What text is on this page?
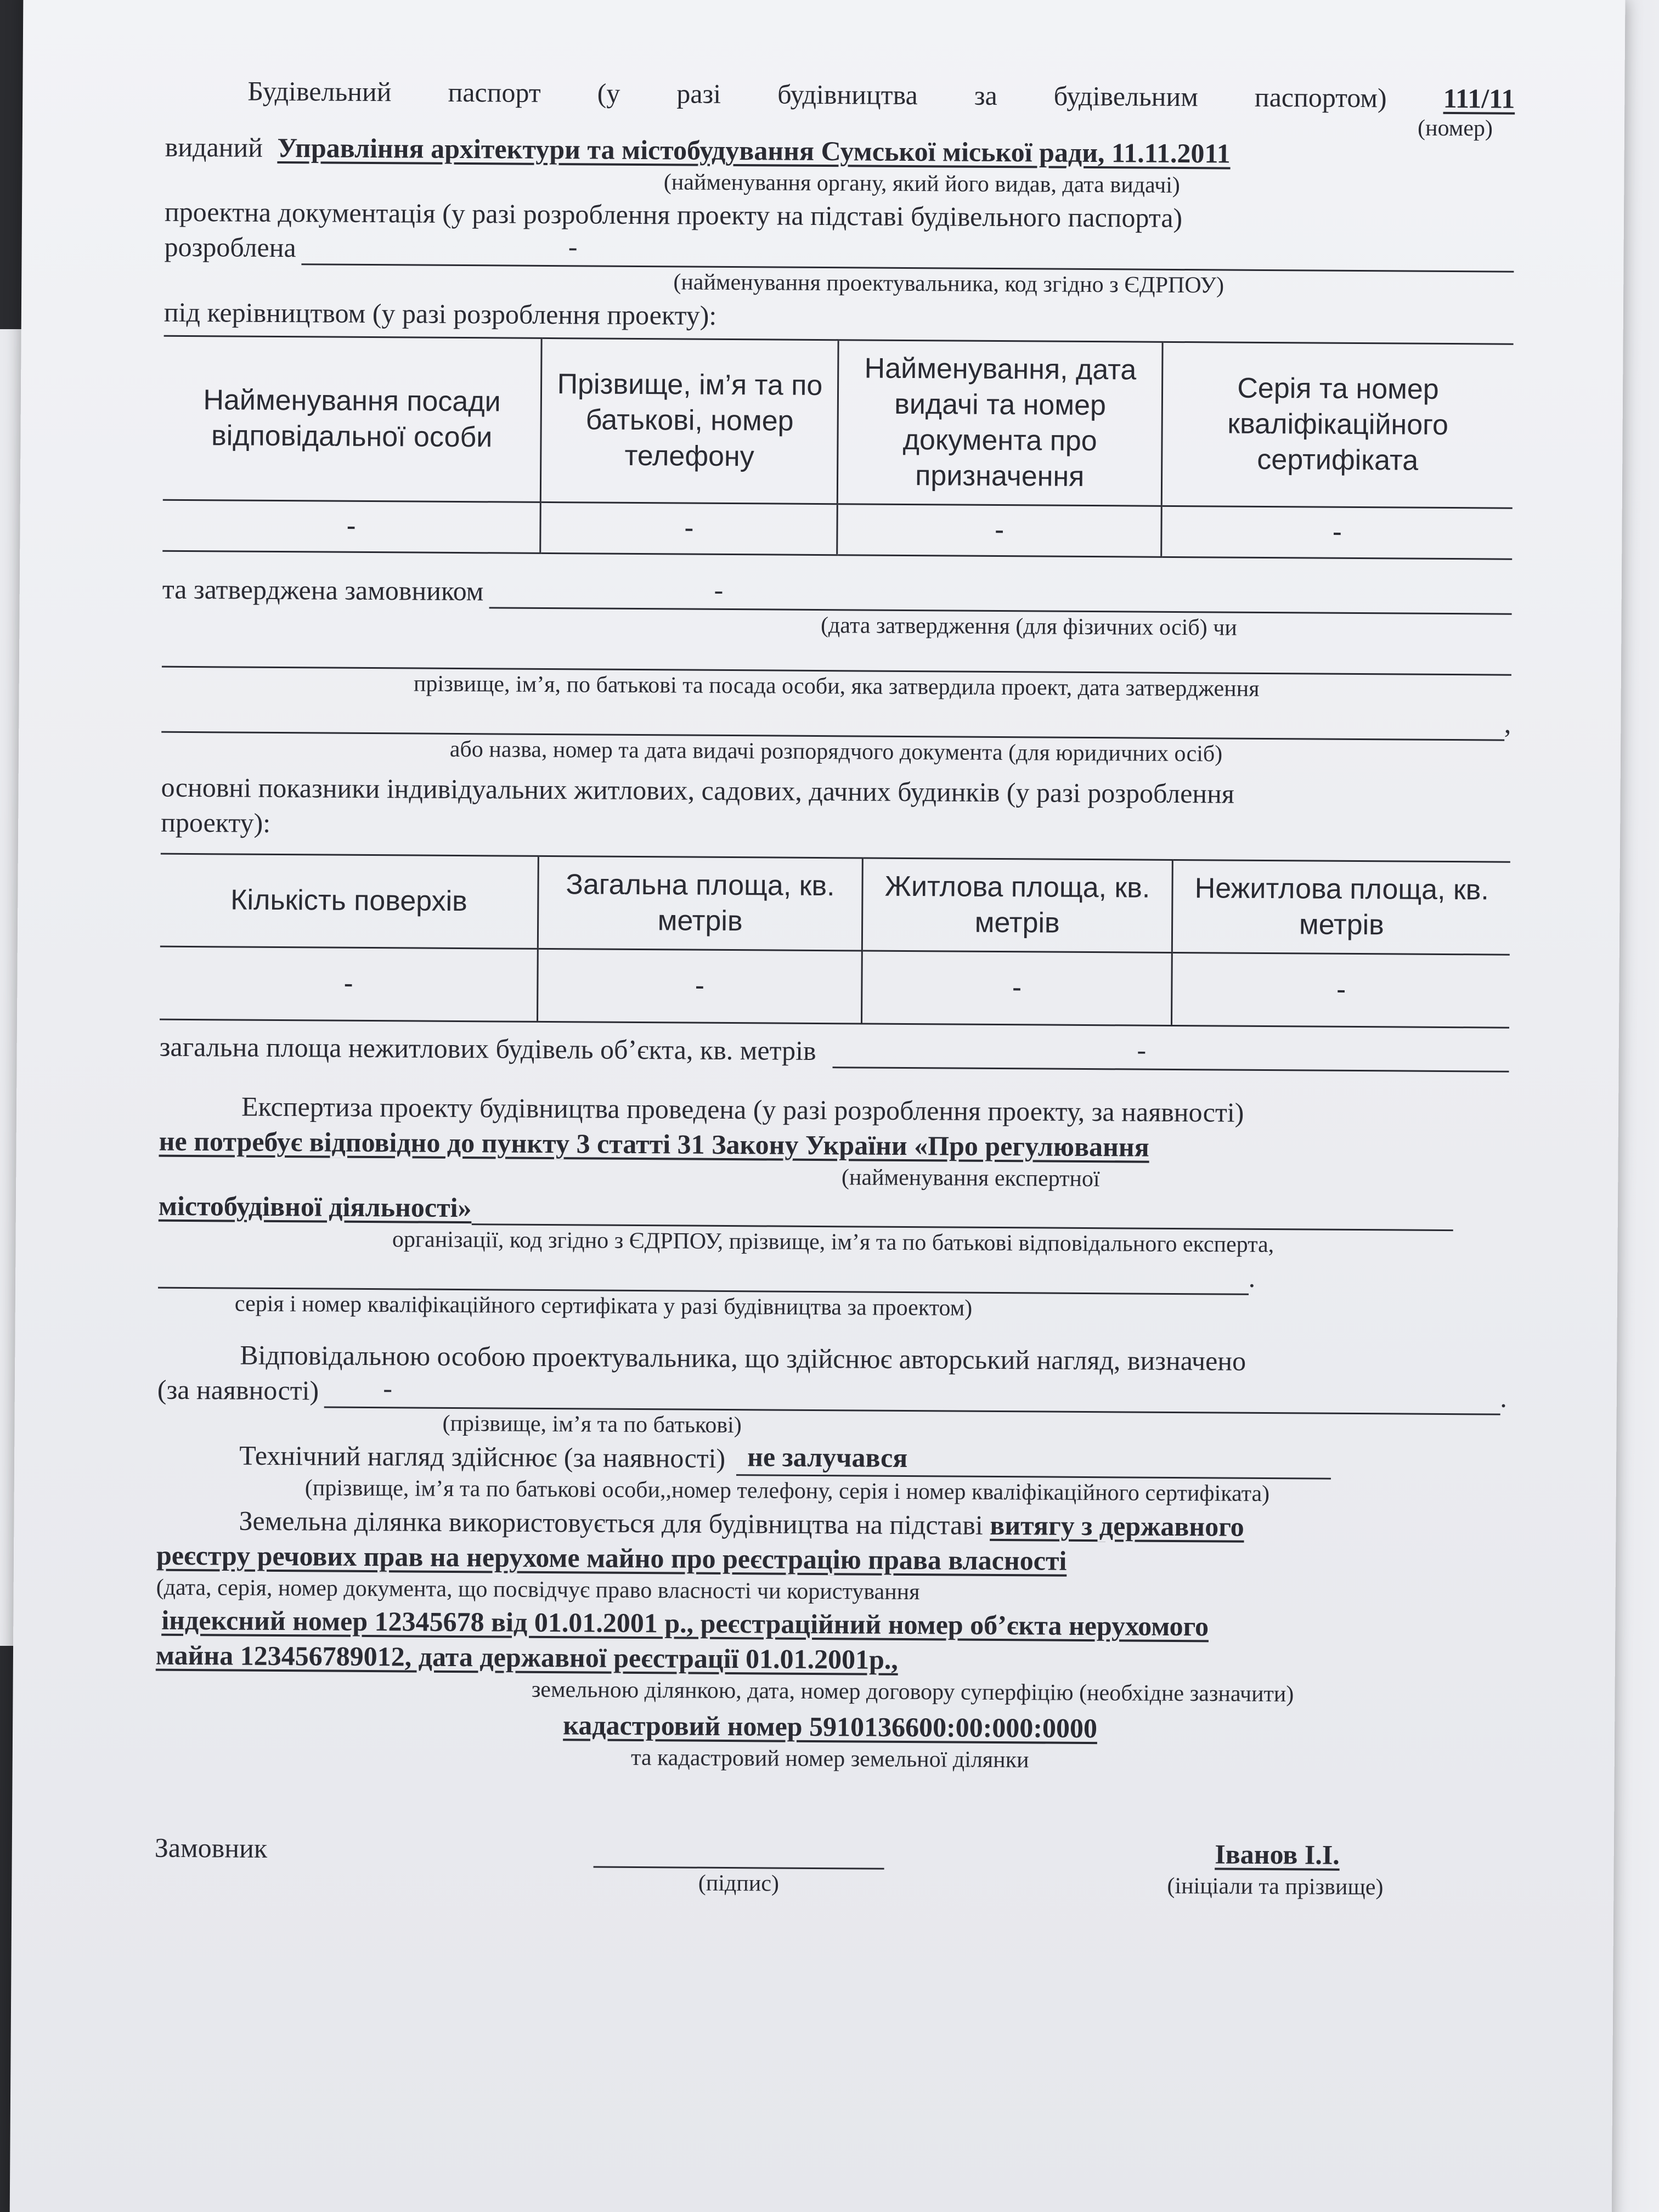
Будівельний паспорт (у разі будівництва за будівельним паспортом) 111/11
(номер)
виданий Управління архітектури та містобудування Сумської міської ради, 11.11.2011
(найменування органу, який його видав, дата видачі)
проектна документація (у разі розроблення проекту на підставі будівельного паспорта)
розроблена	-
(найменування проектувальника, код згідно з ЄДРПОУ)
під керівництвом (у разі розроблення проекту):
Найменування посади відповідальної особи	Прізвище, ім’я та по батькові, номер телефону	Найменування, дата видачі та номер документа про призначення	Серія та номер кваліфікаційного сертифіката
-	-	-	-
та затверджена замовником	-
(дата затвердження (для фізичних осіб) чи
прізвище, ім’я, по батькові та посада особи, яка затвердила проект, дата затвердження
,
або назва, номер та дата видачі розпорядчого документа (для юридичних осіб)
основні показники індивідуальних житлових, садових, дачних будинків (у разі розроблення
проекту):
Кількість поверхів	Загальна площа, кв. метрів	Житлова площа, кв. метрів	Нежитлова площа, кв. метрів
-	-	-	-
загальна площа нежитлових будівель об’єкта, кв. метрів	-
Експертиза проекту будівництва проведена (у разі розроблення проекту, за наявності)
не потребує відповідно до пункту 3 статті 31 Закону України «Про регулювання
(найменування експертної
містобудівної діяльності»
організації, код згідно з ЄДРПОУ, прізвище, ім’я та по батькові відповідального експерта,
.
серія і номер кваліфікаційного сертифіката у разі будівництва за проектом)
Відповідальною особою проектувальника, що здійснює авторський нагляд, визначено
(за наявності) -	.
(прізвище, ім’я та по батькові)
Технічний нагляд здійснює (за наявності) не залучався
(прізвище, ім’я та по батькові особи,,номер телефону, серія і номер кваліфікаційного сертифіката)
Земельна ділянка використовується для будівництва на підставі витягу з державного
реєстру речових прав на нерухоме майно про реєстрацію права власності
(дата, серія, номер документа, що посвідчує право власності чи користування
індексний номер 12345678 від 01.01.2001 р., реєстраційний номер об’єкта нерухомого
майна 123456789012, дата державної реєстрації 01.01.2001р.,
земельною ділянкою, дата, номер договору суперфіцію (необхідне зазначити)
кадастровий номер 5910136600:00:000:0000
та кадастровий номер земельної ділянки
Замовник	Іванов І.І.
(підпис)	(ініціали та прізвище)
